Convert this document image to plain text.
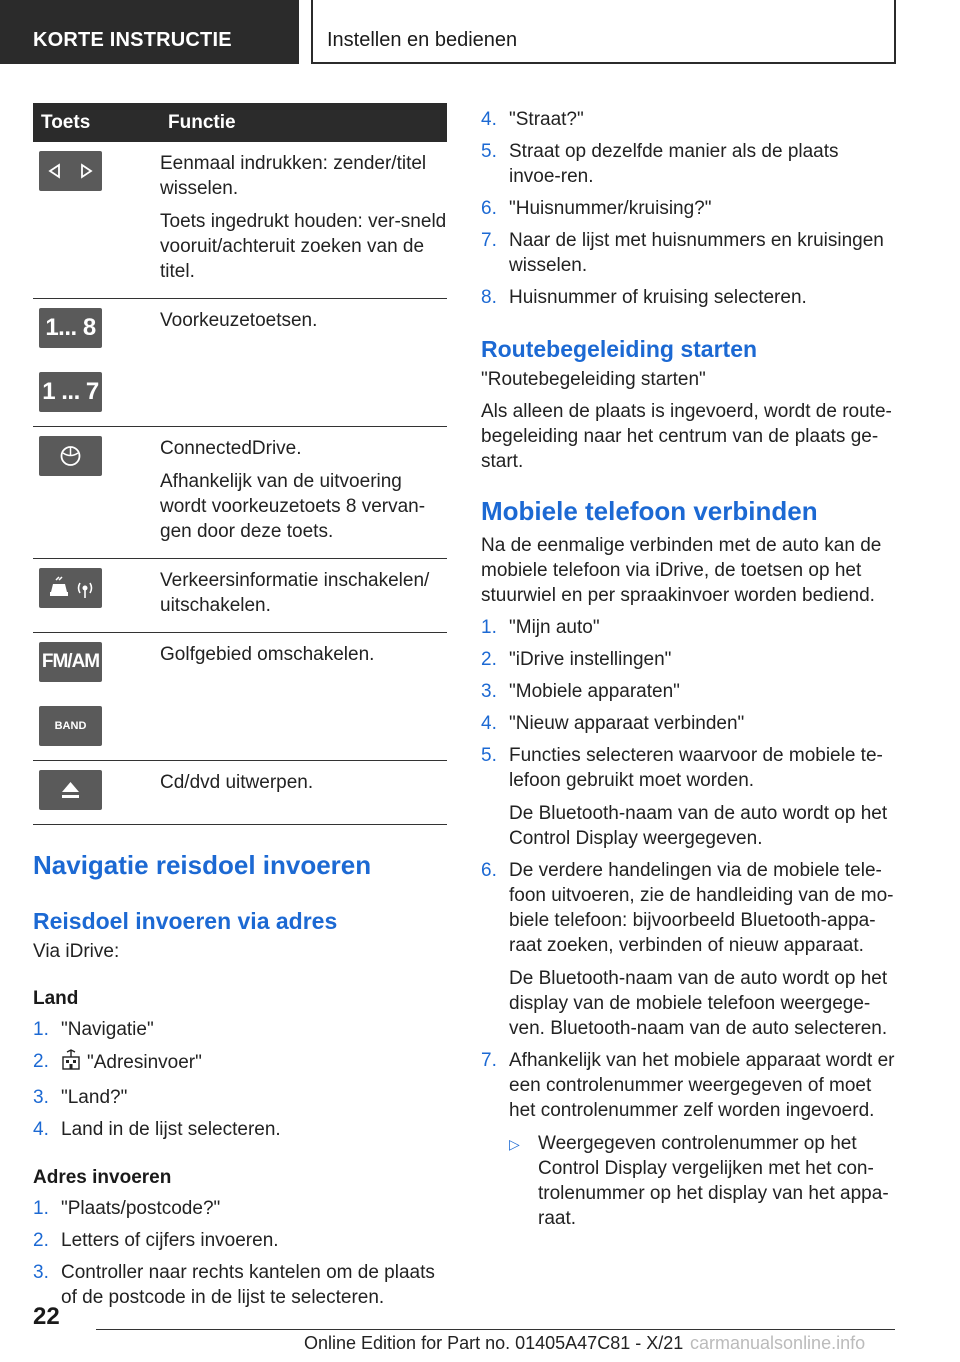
KORTE INSTRUCTIE	Instellen en bedienen
Toets	Functie

Eenmaal indrukken: zender/titel wisselen.

Toets ingedrukt houden: ver-sneld vooruit/achteruit zoeken van de titel.

1... 8
1 ... 7	Voorkeuzetoetsen.

ConnectedDrive.

Afhankelijk van de uitvoering wordt voorkeuzetoets 8 vervan-gen door deze toets.

Verkeersinformatie inschakelen/ uitschakelen.

FM/AM
BAND	Golfgebied omschakelen.

Cd/dvd uitwerpen.

Navigatie reisdoel invoeren
Reisdoel invoeren via adres
Via iDrive:
Land
1. "Navigatie"
2.	"Adresinvoer"
3. "Land?"
4. Land in de lijst selecteren.
Adres invoeren
1. "Plaats/postcode?"
2. Letters of cijfers invoeren.
3. Controller naar rechts kantelen om de plaats of de postcode in de lijst te selecteren.
4. "Straat?"
5. Straat op dezelfde manier als de plaats invoe-ren.
6. "Huisnummer/kruising?"
7. Naar de lijst met huisnummers en kruisingen wisselen.
8. Huisnummer of kruising selecteren.
Routebegeleiding starten
"Routebegeleiding starten"
Als alleen de plaats is ingevoerd, wordt de route-begeleiding naar het centrum van de plaats ge-start.
Mobiele telefoon verbinden
Na de eenmalige verbinden met de auto kan de mobiele telefoon via iDrive, de toetsen op het stuurwiel en per spraakinvoer worden bediend.
1. "Mijn auto"

2. "iDrive instellingen"

3. "Mobiele apparaten"

4. "Nieuw apparaat verbinden"

5. Functies selecteren waarvoor de mobiele te-lefoon gebruikt moet worden.

De Bluetooth-naam van de auto wordt op het Control Display weergegeven.

6. De verdere handelingen via de mobiele tele-foon uitvoeren, zie de handleiding van de mo-biele telefoon: bijvoorbeeld Bluetooth-appa-raat zoeken, verbinden of nieuw apparaat.

De Bluetooth-naam van de auto wordt op het display van de mobiele telefoon weergege-ven. Bluetooth-naam van de auto selecteren.

7. Afhankelijk van het mobiele apparaat wordt er een controlenummer weergegeven of moet het controlenummer zelf worden ingevoerd.

▷ Weergegeven controlenummer op het Control Display vergelijken met het con-trolenummer op het display van het appa-raat.
22
Online Edition for Part no. 01405A47C81 - X/21 carmanualsonline.info
